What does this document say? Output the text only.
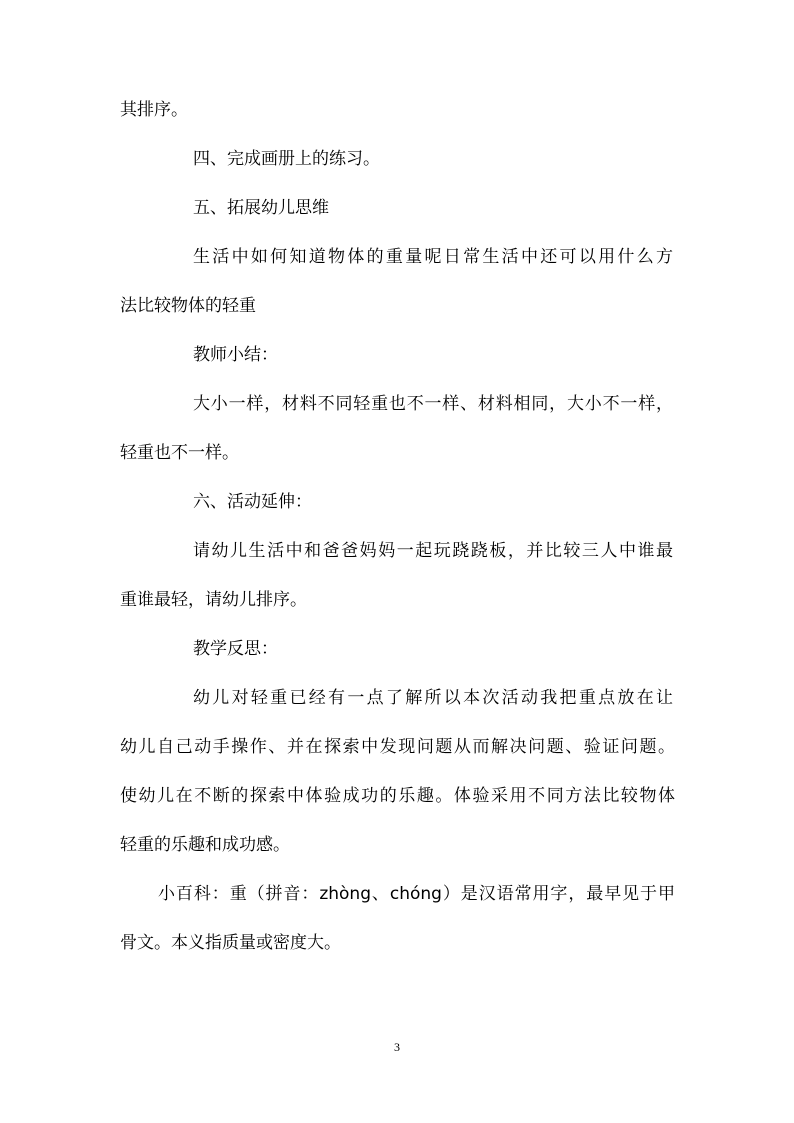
其排序。
四、完成画册上的练习。
五、拓展幼儿思维
生活中如何知道物体的重量呢日常生活中还可以用什么方
法比较物体的轻重
教师小结：
大小一样，材料不同轻重也不一样、材料相同，大小不一样，
轻重也不一样。
六、活动延伸：
请幼儿生活中和爸爸妈妈一起玩跷跷板，并比较三人中谁最
重谁最轻，请幼儿排序。
教学反思：
幼儿对轻重已经有一点了解所以本次活动我把重点放在让
幼儿自己动手操作、并在探索中发现问题从而解决问题、验证问题。
使幼儿在不断的探索中体验成功的乐趣。体验采用不同方法比较物体
轻重的乐趣和成功感。
小百科：重（拼音：zhòng、chóng）是汉语常用字，最早见于甲
骨文。本义指质量或密度大。
3
